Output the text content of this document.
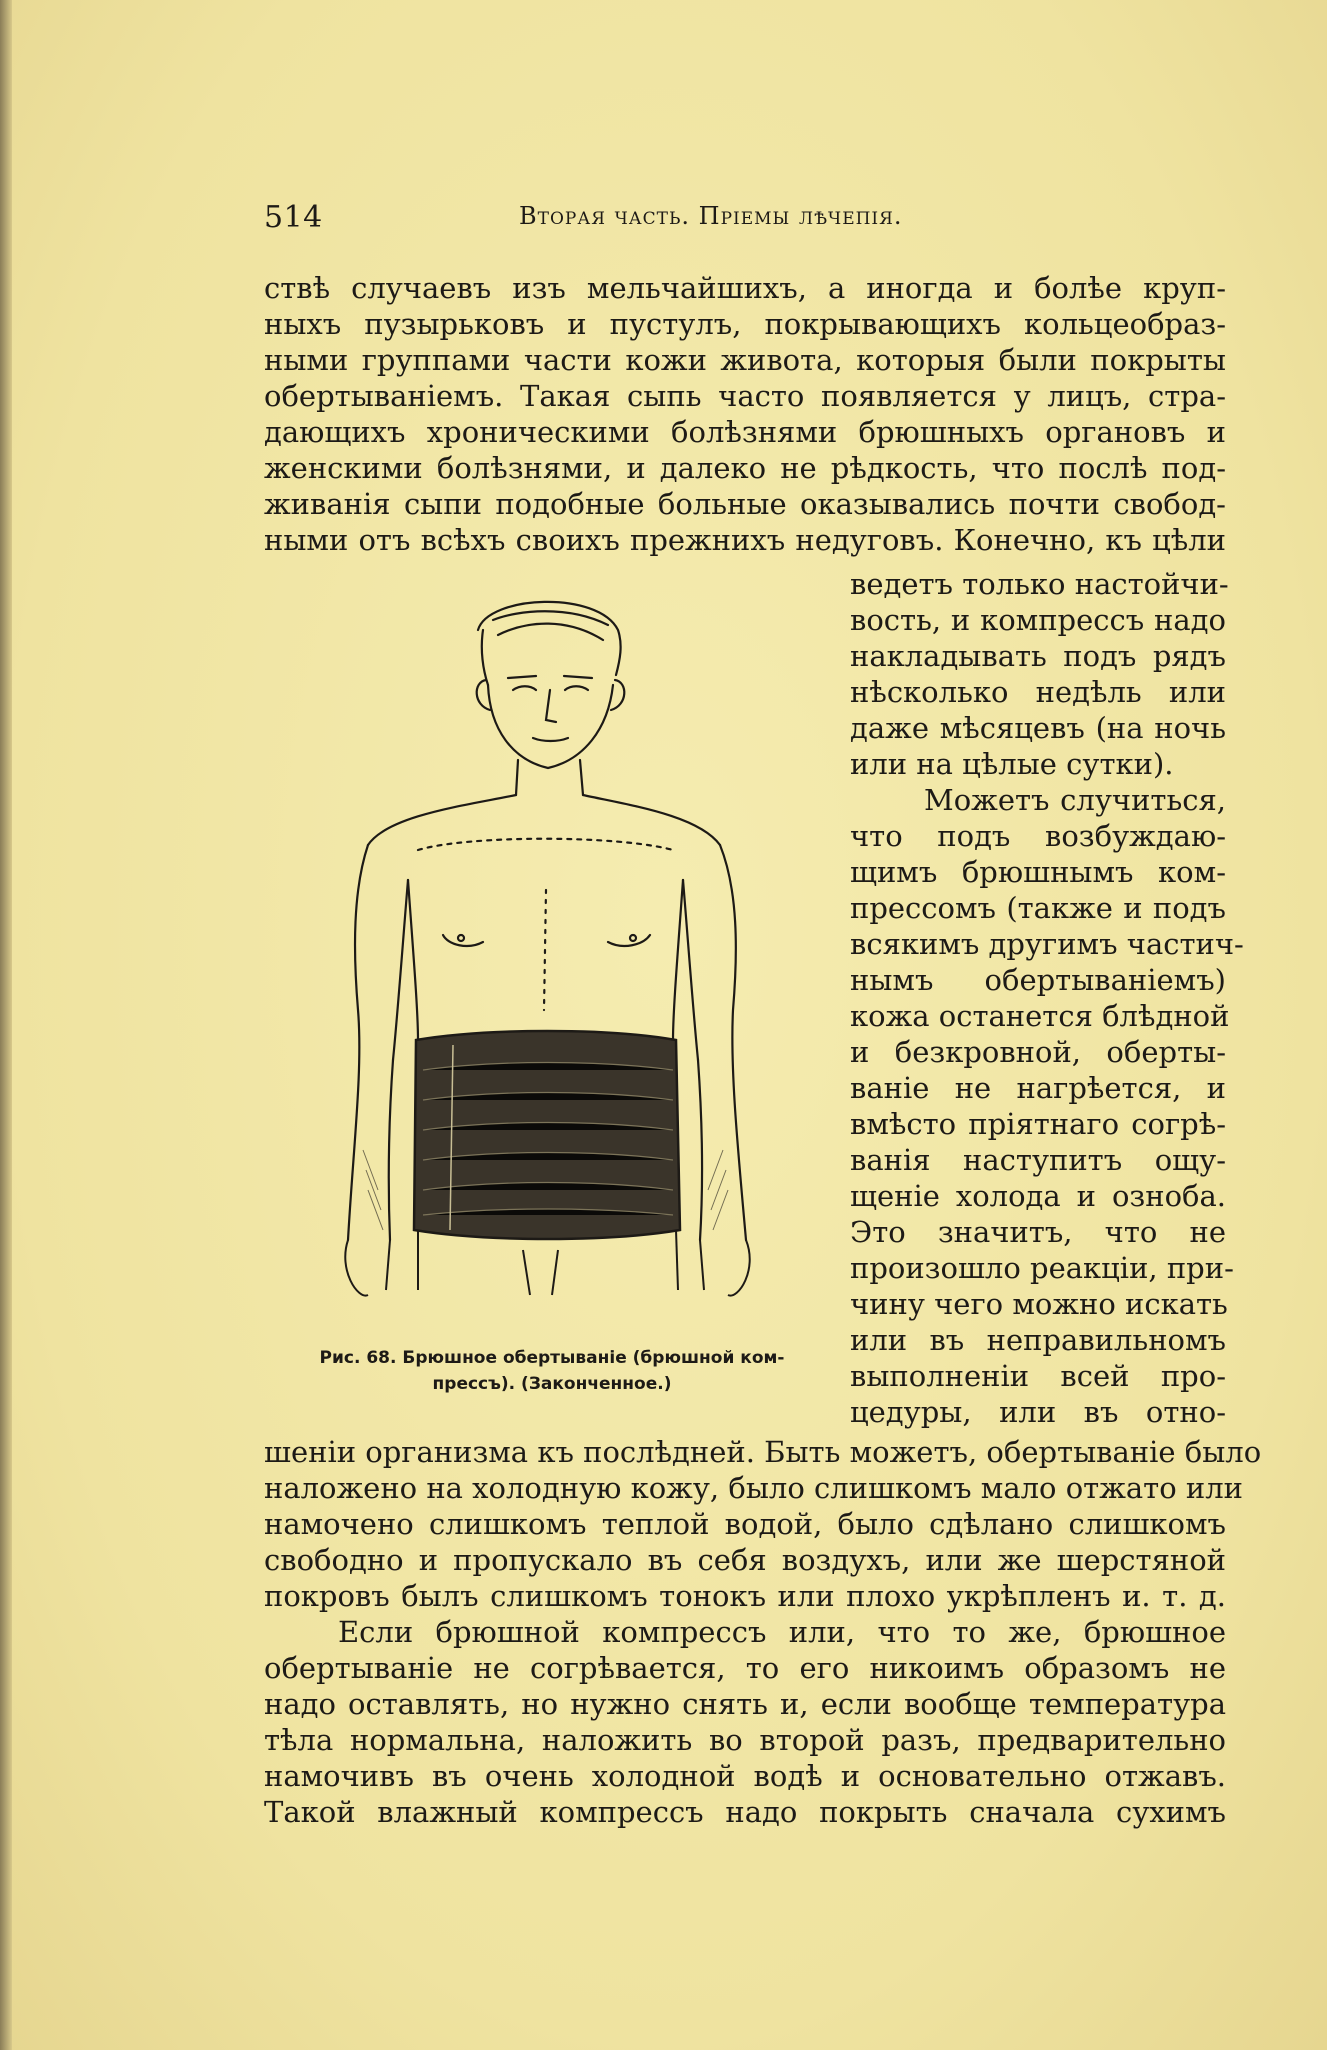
514	Вторая часть. Пріемы лѣчепія.
ствѣ случаевъ изъ мельчайшихъ, а иногда и болѣе круп-
ныхъ пузырьковъ и пустулъ, покрывающихъ кольцеобраз-
ными группами части кожи живота, которыя были покрыты
обертываніемъ. Такая сыпь часто появляется у лицъ, стра-
дающихъ хроническими болѣзнями брюшныхъ органовъ и
женскими болѣзнями, и далеко не рѣдкость, что послѣ под-
живанія сыпи подобные больные оказывались почти свобод-
ными отъ всѣхъ своихъ прежнихъ недуговъ. Конечно, къ цѣли
Рис. 68. Брюшное обертываніе (брюшной ком-
прессъ). (Законченное.)
ведетъ только настойчи-
вость, и компрессъ надо
накладывать подъ рядъ
нѣсколько недѣль или
даже мѣсяцевъ (на ночь
или на цѣлые сутки).
Можетъ случиться,
что подъ возбуждаю-
щимъ брюшнымъ ком-
прессомъ (также и подъ
всякимъ другимъ частич-
нымъ обертываніемъ)
кожа останется блѣдной
и безкровной, оберты-
ваніе не нагрѣется, и
вмѣсто пріятнаго согрѣ-
ванія наступитъ ощу-
щеніе холода и озноба.
Это значитъ, что не
произошло реакціи, при-
чину чего можно искать
или въ неправильномъ
выполненіи всей про-
цедуры, или въ отно-
шеніи организма къ послѣдней. Быть можетъ, обертываніе было
наложено на холодную кожу, было слишкомъ мало отжато или
намочено слишкомъ теплой водой, было сдѣлано слишкомъ
свободно и пропускало въ себя воздухъ, или же шерстяной
покровъ былъ слишкомъ тонокъ или плохо укрѣпленъ и. т. д.
Если брюшной компрессъ или, что то же, брюшное
обертываніе не согрѣвается, то его никоимъ образомъ не
надо оставлять, но нужно снять и, если вообще температура
тѣла нормальна, наложить во второй разъ, предварительно
намочивъ въ очень холодной водѣ и основательно отжавъ.
Такой влажный компрессъ надо покрыть сначала сухимъ
